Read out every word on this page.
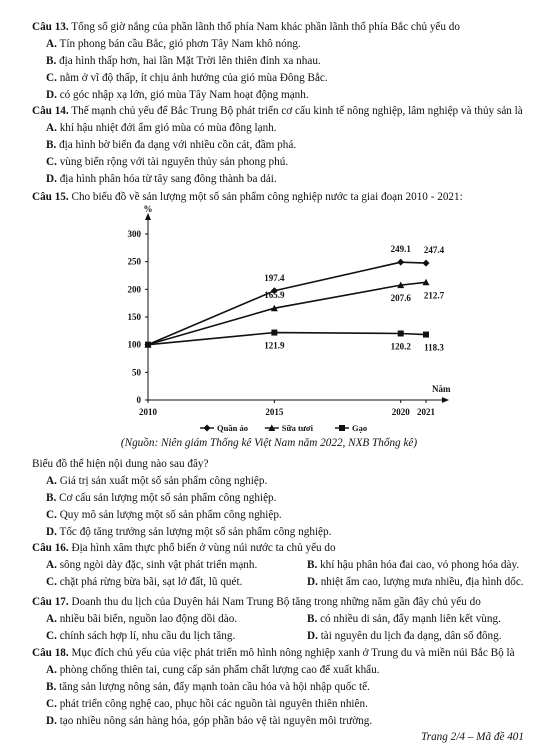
Câu 13. Tổng số giờ nắng của phần lãnh thổ phía Nam khác phần lãnh thổ phía Bắc chủ yếu do
A. Tín phong bán cầu Bắc, gió phơn Tây Nam khô nóng.
B. địa hình thấp hơn, hai lần Mặt Trời lên thiên đỉnh xa nhau.
C. nằm ở vĩ độ thấp, ít chịu ảnh hưởng của gió mùa Đông Bắc.
D. có góc nhập xạ lớn, gió mùa Tây Nam hoạt động mạnh.
Câu 14. Thế mạnh chủ yếu để Bắc Trung Bộ phát triển cơ cấu kinh tế nông nghiệp, lâm nghiệp và thủy sản là
A. khí hậu nhiệt đới ẩm gió mùa có mùa đông lạnh.
B. địa hình bờ biển đa dạng với nhiều cồn cát, đầm phá.
C. vùng biển rộng với tài nguyên thủy sản phong phú.
D. địa hình phân hóa từ tây sang đông thành ba dải.
Câu 15. Cho biểu đồ về sản lượng một số sản phẩm công nghiệp nước ta giai đoạn 2010 - 2021:
0
50
100
150
200
250
300
%
Năm
2010	2015	2020 2021
197.4
249.1 247.4
165.9	207.6 212.7
121.9	120.2 118.3
Quần áo	Sữa tươi	Gạo
(Nguồn: Niên giám Thống kê Việt Nam năm 2022, NXB Thống kê)
Biểu đồ thể hiện nội dung nào sau đây?
A. Giá trị sản xuất một số sản phẩm công nghiệp.
B. Cơ cấu sản lượng một số sản phẩm công nghiệp.
C. Quy mô sản lượng một số sản phẩm công nghiệp.
D. Tốc độ tăng trưởng sản lượng một số sản phẩm công nghiệp.
Câu 16. Địa hình xâm thực phổ biến ở vùng núi nước ta chủ yếu do
A. sông ngòi dày đặc, sinh vật phát triển mạnh.	B. khí hậu phân hóa đai cao, vỏ phong hóa dày.
C. chặt phá rừng bừa bãi, sạt lở đất, lũ quét.	D. nhiệt ẩm cao, lượng mưa nhiều, địa hình dốc.
Câu 17. Doanh thu du lịch của Duyên hải Nam Trung Bộ tăng trong những năm gần đây chủ yếu do
A. nhiều bãi biển, nguồn lao động dồi dào.	B. có nhiều di sản, đẩy mạnh liên kết vùng.
C. chính sách hợp lí, nhu cầu du lịch tăng.	D. tài nguyên du lịch đa dạng, dân số đông.
Câu 18. Mục đích chủ yếu của việc phát triển mô hình nông nghiệp xanh ở Trung du và miền núi Bắc Bộ là
A. phòng chống thiên tai, cung cấp sản phẩm chất lượng cao để xuất khẩu.
B. tăng sản lượng nông sản, đẩy mạnh toàn cầu hóa và hội nhập quốc tế.
C. phát triển công nghệ cao, phục hồi các nguồn tài nguyên thiên nhiên.
D. tạo nhiều nông sản hàng hóa, góp phần bảo vệ tài nguyên môi trường.
Trang 2/4 – Mã đề 401
